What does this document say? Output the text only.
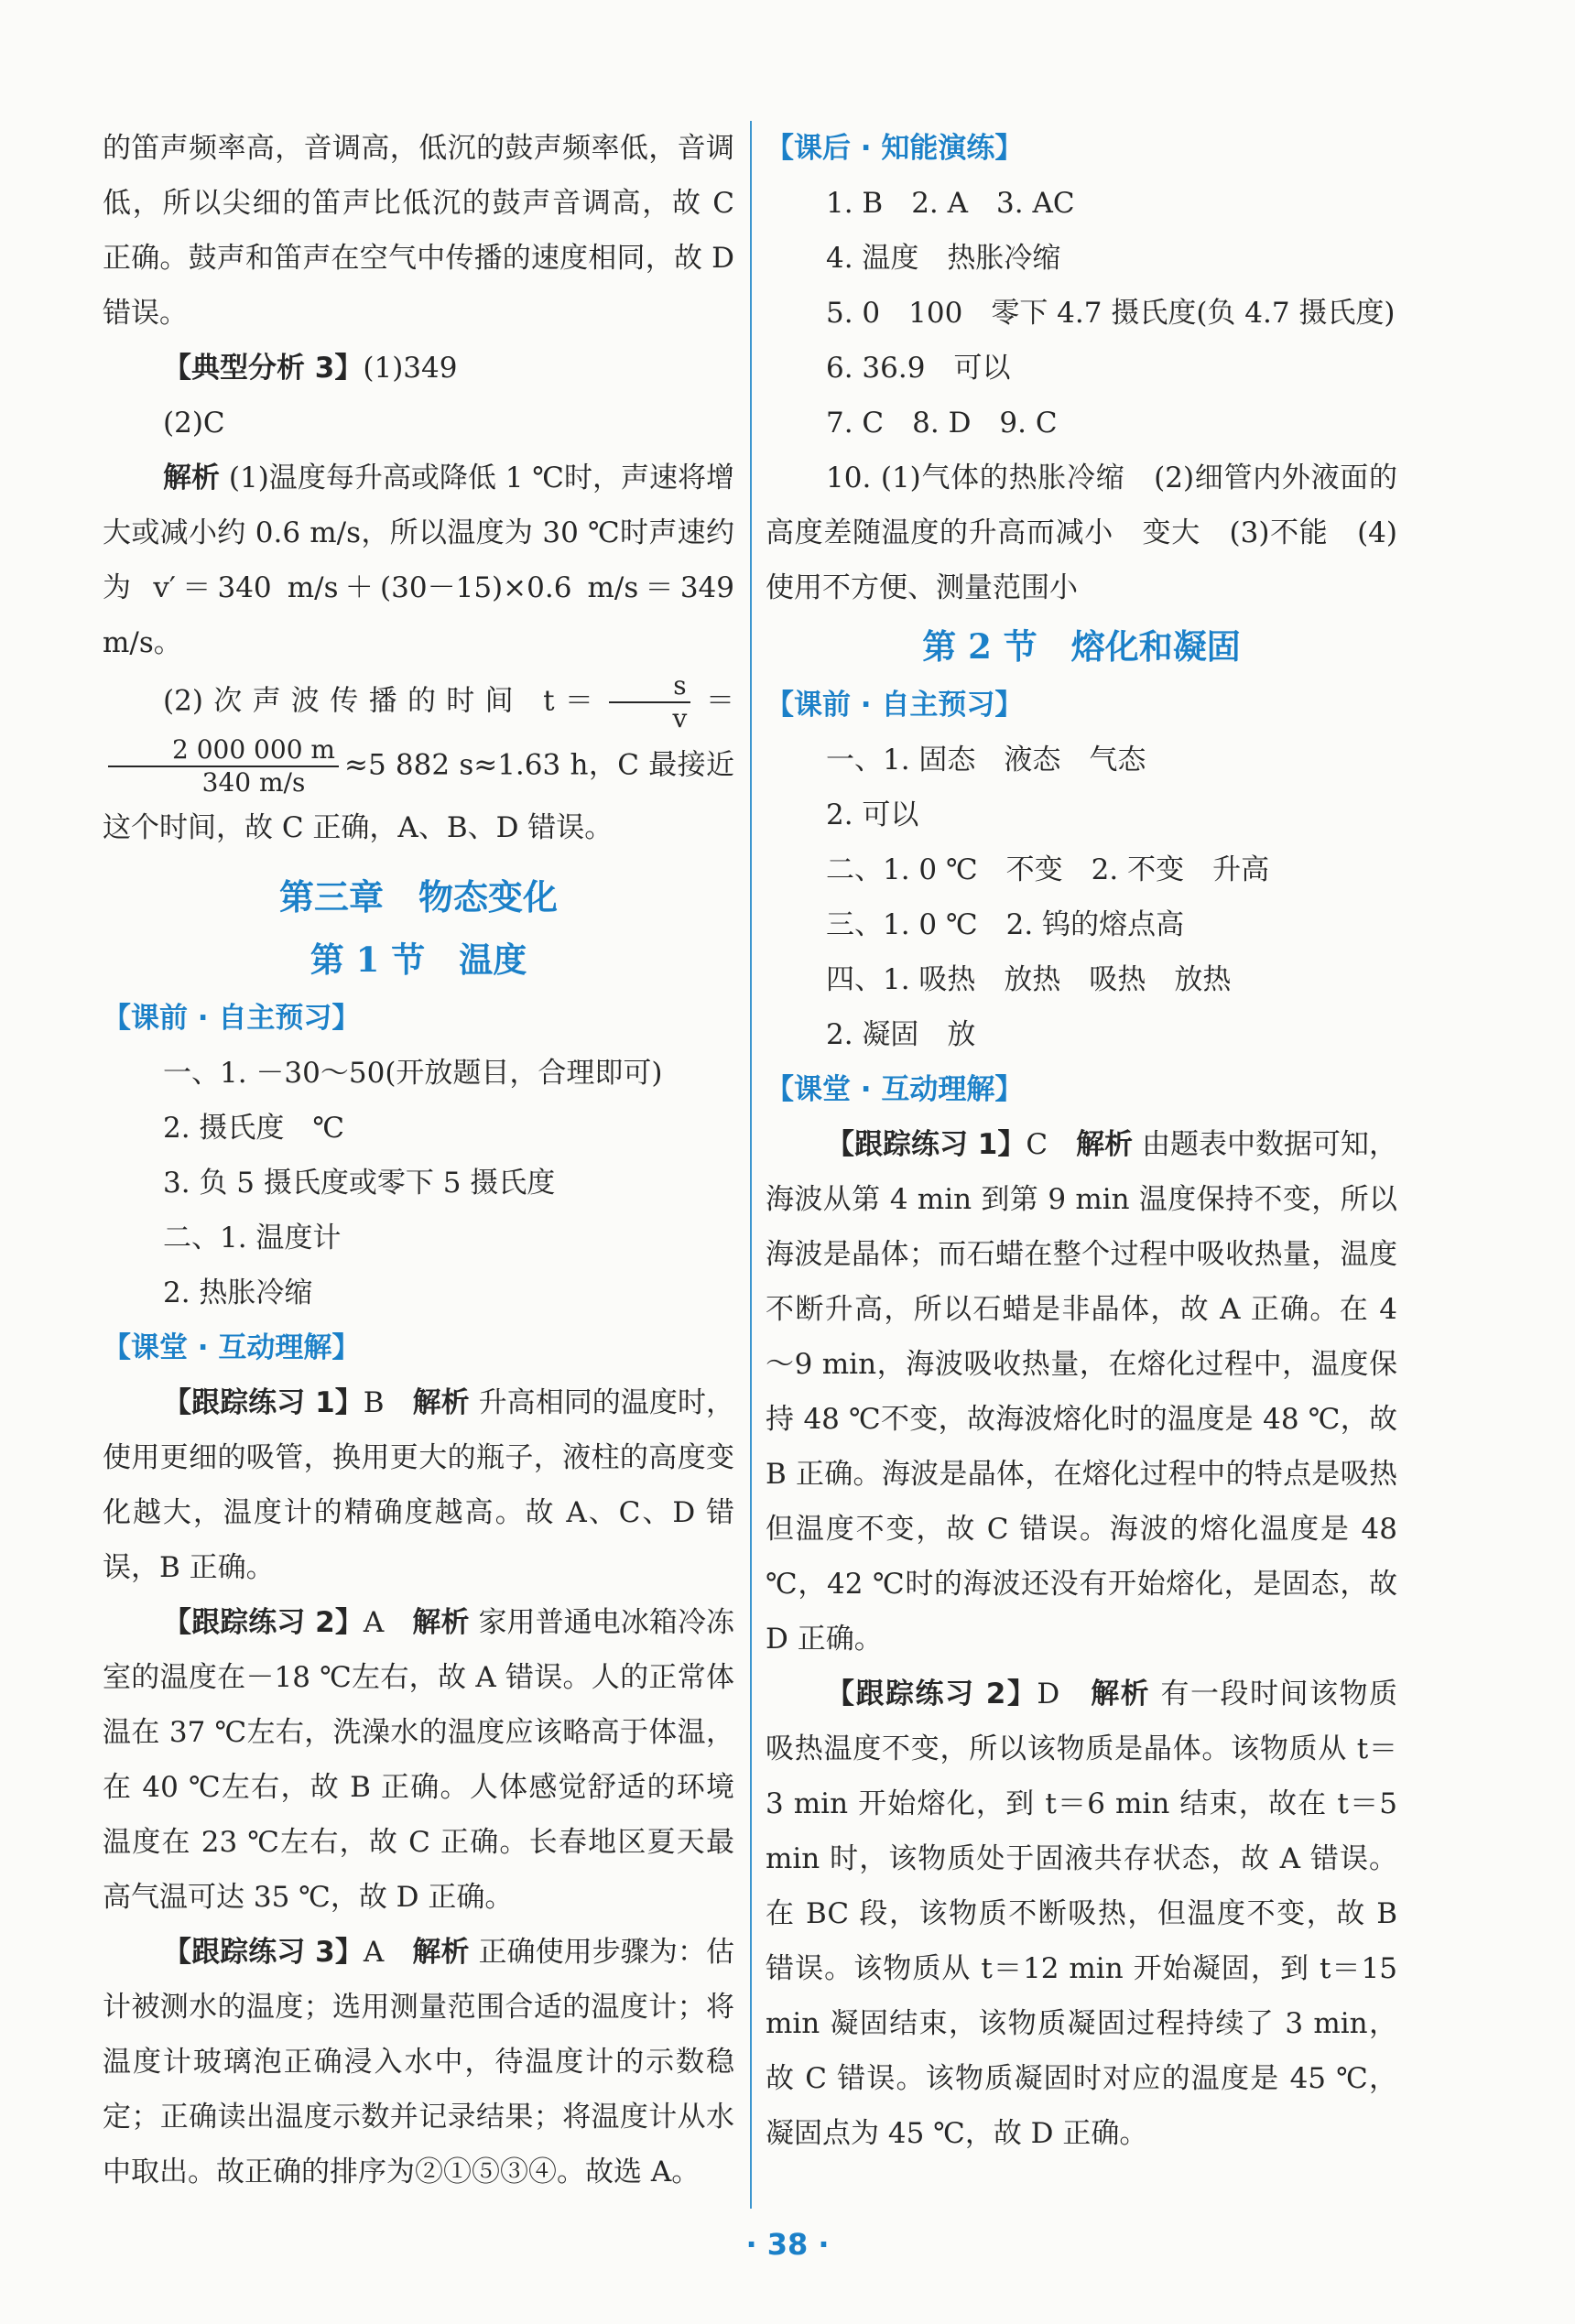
的笛声频率高，音调高，低沉的鼓声频率低，音调低，所以尖细的笛声比低沉的鼓声音调高，故 C 正确。鼓声和笛声在空气中传播的速度相同，故 D 错误。

【典型分析 3】(1)349

(2)C

解析 (1)温度每升高或降低 1 ℃时，声速将增大或减小约 0.6 m/s，所以温度为 30 ℃时声速约为 v′＝340 m/s＋(30－15)×0.6 m/s＝349 m/s。

(2)次声波传播的时间 $t= \frac{s}{v}$ ＝
$\frac{2 000 000 m}{340 m/s} \approx 5$ 882 s≈1.63 h，C 最接近这个时间，故 C 正确，A、B、D 错误。

第三章　物态变化
第 1 节　温度
【课前 · 自主预习】

一、1. －30～50(开放题目，合理即可)

2. 摄氏度　℃

3. 负 5 摄氏度或零下 5 摄氏度

二、1. 温度计

2. 热胀冷缩

【课堂 · 互动理解】

【跟踪练习 1】B　解析 升高相同的温度时，使用更细的吸管，换用更大的瓶子，液柱的高度变化越大，温度计的精确度越高。故 A、C、D 错误，B 正确。

【跟踪练习 2】A　解析 家用普通电冰箱冷冻室的温度在－18 ℃左右，故 A 错误。人的正常体温在 37 ℃左右，洗澡水的温度应该略高于体温，在 40 ℃左右，故 B 正确。人体感觉舒适的环境温度在 23 ℃左右，故 C 正确。长春地区夏天最高气温可达 35 ℃，故 D 正确。

【跟踪练习 3】A　解析 正确使用步骤为：估计被测水的温度；选用测量范围合适的温度计；将温度计玻璃泡正确浸入水中，待温度计的示数稳定；正确读出温度示数并记录结果；将温度计从水中取出。故正确的排序为②①⑤③④。故选 A。

【课后 · 知能演练】

1. B　2. A　3. AC

4. 温度　热胀冷缩

5. 0　100　零下 4.7 摄氏度(负 4.7 摄氏度)

6. 36.9　可以

7. C　8. D　9. C

10. (1)气体的热胀冷缩　(2)细管内外液面的高度差随温度的升高而减小　变大　(3)不能　(4)使用不方便、测量范围小

第 2 节　熔化和凝固
【课前 · 自主预习】

一、1. 固态　液态　气态

2. 可以

二、1. 0 ℃　不变　2. 不变　升高

三、1. 0 ℃　2. 钨的熔点高

四、1. 吸热　放热　吸热　放热

2. 凝固　放

【课堂 · 互动理解】

【跟踪练习 1】C　解析 由题表中数据可知，海波从第 4 min 到第 9 min 温度保持不变，所以海波是晶体；而石蜡在整个过程中吸收热量，温度不断升高，所以石蜡是非晶体，故 A 正确。在 4～9 min，海波吸收热量，在熔化过程中，温度保持 48 ℃不变，故海波熔化时的温度是 48 ℃，故 B 正确。海波是晶体，在熔化过程中的特点是吸热但温度不变，故 C 错误。海波的熔化温度是 48 ℃，42 ℃时的海波还没有开始熔化，是固态，故 D 正确。

【跟踪练习 2】D　解析 有一段时间该物质吸热温度不变，所以该物质是晶体。该物质从 t＝3 min 开始熔化，到 t＝6 min 结束，故在 t＝5 min 时，该物质处于固液共存状态，故 A 错误。在 BC 段，该物质不断吸热，但温度不变，故 B 错误。该物质从 t＝12 min 开始凝固，到 t＝15 min 凝固结束，该物质凝固过程持续了 3 min，故 C 错误。该物质凝固时对应的温度是 45 ℃，凝固点为 45 ℃，故 D 正确。

· 38 ·
